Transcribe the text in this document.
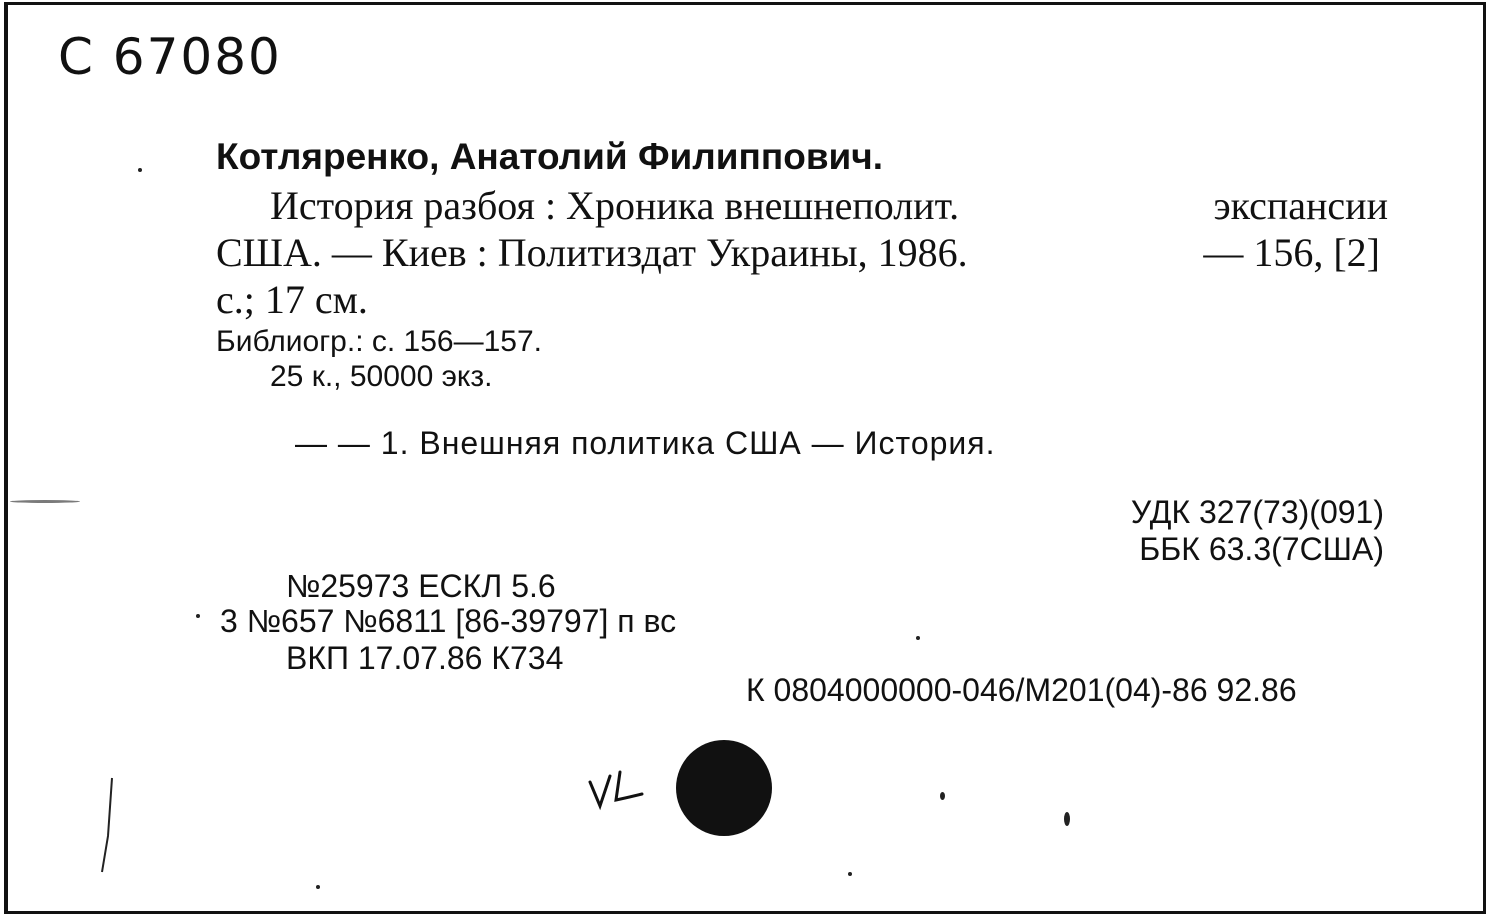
С 67080
Котляренко, Анатолий Филиппович.
История разбоя : Хроника внешнеполит.	экспансии
США. — Киев : Политиздат Украины, 1986.	— 156, [2]
с.; 17 см.
Библиогр.: с. 156—157.
25 к., 50000 экз.
— — 1. Внешняя политика США — История.
УДК 327(73)(091)
ББК 63.3(7США)
№25973 ЕСКЛ 5.6
3 №657 №6811 [86-39797] п вс
ВКП 17.07.86 К734
К 0804000000-046/М201(04)-86 92.86
